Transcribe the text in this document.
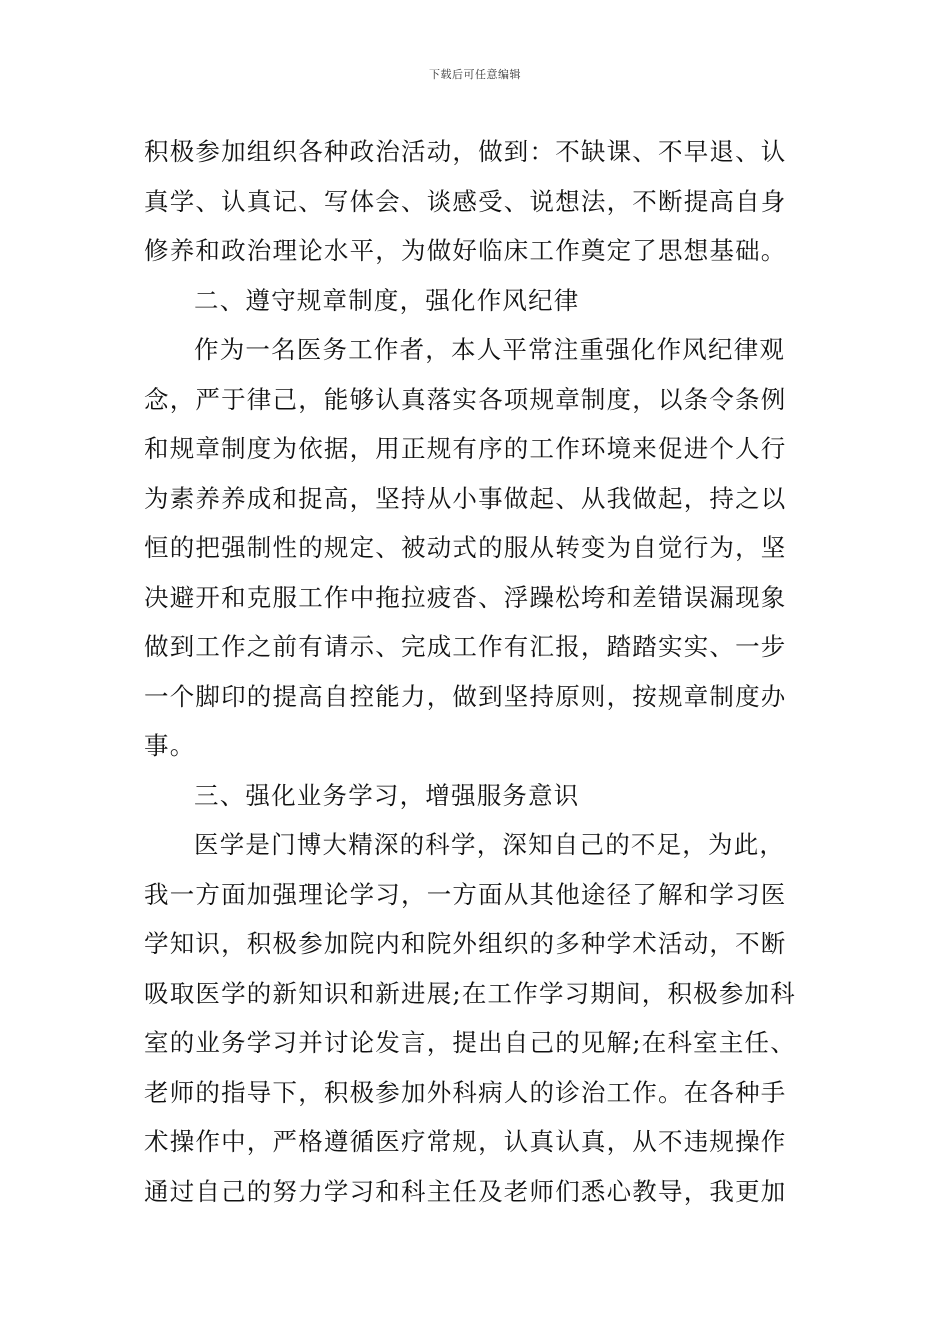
下载后可任意编辑
积极参加组织各种政治活动，做到：不缺课、不早退、认
真学、认真记、写体会、谈感受、说想法，不断提高自身
修养和政治理论水平，为做好临床工作奠定了思想基础。
二、遵守规章制度，强化作风纪律
作为一名医务工作者，本人平常注重强化作风纪律观
念，严于律己，能够认真落实各项规章制度，以条令条例
和规章制度为依据，用正规有序的工作环境来促进个人行
为素养养成和捉高，坚持从小事做起、从我做起，持之以
恒的把强制性的规定、被动式的服从转变为自觉行为，坚
决避开和克服工作中拖拉疲沓、浮躁松垮和差错误漏现象
做到工作之前有请示、完成工作有汇报，踏踏实实、一步
一个脚印的提高自控能力，做到坚持原则，按规章制度办
事。
三、强化业务学习，增强服务意识
医学是门博大精深的科学，深知自己的不足，为此，
我一方面加强理论学习，一方面从其他途径了解和学习医
学知识，积极参加院内和院外组织的多种学术活动，不断
吸取医学的新知识和新进展;在工作学习期间，积极参加科
室的业务学习并讨论发言，提出自己的见解;在科室主任、
老师的指导下，积极参加外科病人的诊治工作。在各种手
术操作中，严格遵循医疗常规，认真认真，从不违规操作
通过自己的努力学习和科主任及老师们悉心教导，我更加
